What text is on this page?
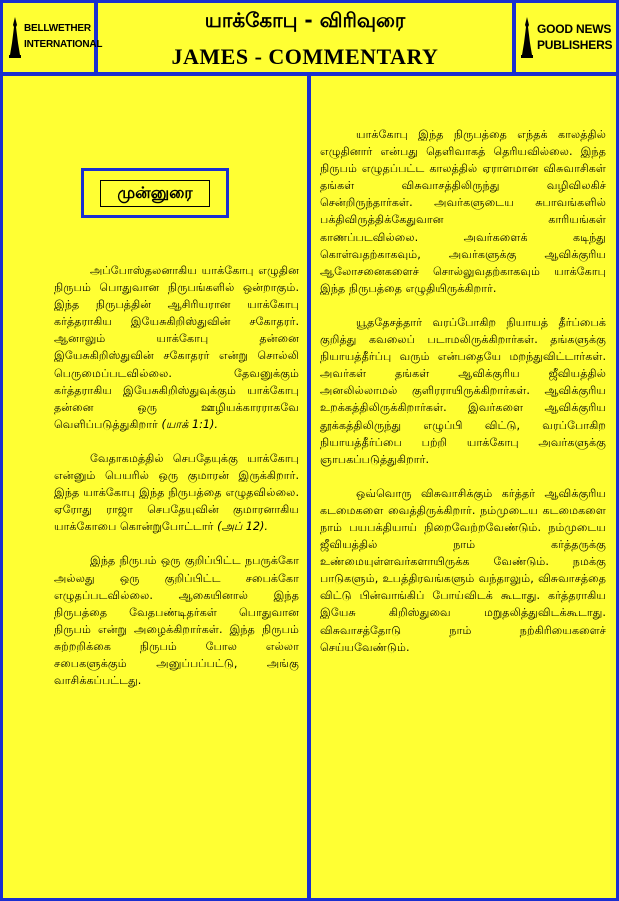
BELLWETHER
INTERNATIONAL
யாக்கோபு - விரிவுரை
JAMES - COMMENTARY
GOOD NEWS
PUBLISHERS
முன்னுரை

அப்போஸ்தலனாகிய யாக்கோபு எழுதின நிருபம் பொதுவான நிருபங்களில் ஒன்றாகும். இந்த நிருபத்தின் ஆசிரியரான யாக்கோபு கர்த்தராகிய இயேசுகிறிஸ்துவின் சகோதரர். ஆனாலும் யாக்கோபு தன்னை இயேசுகிறிஸ்துவின் சகோதரர் என்று சொல்லி பெருமைப்படவில்லை. தேவனுக்கும் கர்த்தராகிய இயேசுகிறிஸ்துவுக்கும் யாக்கோபு தன்னை ஒரு ஊழியக்காரராகவே வெளிப்படுத்துகிறார் (யாக் 1:1).

வேதாகமத்தில் செபதேயுக்கு யாக்கோபு என்னும் பெயரில் ஒரு குமாரன் இருக்கிறார். இந்த யாக்கோபு இந்த நிருபத்தை எழுதவில்லை. ஏரோது ராஜா செபதேயுவின் குமாரனாகிய யாக்கோபை கொன்றுபோட்டார் (அப் 12).

இந்த நிருபம் ஒரு குறிப்பிட்ட நபருக்கோ அல்லது ஒரு குறிப்பிட்ட சபைக்கோ எழுதப்படவில்லை. ஆகையினால் இந்த நிருபத்தை வேதபண்டிதர்கள் பொதுவான நிருபம் என்று அழைக்கிறார்கள். இந்த நிருபம் சுற்றறிக்கை நிருபம் போல எல்லா சபைகளுக்கும் அனுப்பப்பட்டு, அங்கு வாசிக்கப்பட்டது.

யாக்கோபு இந்த நிருபத்தை எந்தக் காலத்தில் எழுதினார் என்பது தெளிவாகத் தெரியவில்லை. இந்த நிருபம் எழுதப்பட்ட காலத்தில் ஏராளமான விசுவாசிகள் தங்கள் விசுவாசத்திலிருந்து வழிவிலகிச் சென்றிருந்தார்கள். அவர்களுடைய சுபாவங்களில் பக்திவிருத்திக்கேதுவான காரியங்கள் காணப்படவில்லை. அவர்களைக் கடிந்து கொள்வதற்காகவும், அவர்களுக்கு ஆவிக்குரிய ஆலோசனைகளைச் சொல்லுவதற்காகவும் யாக்கோபு இந்த நிருபத்தை எழுதியிருக்கிறார்.

யூததேசத்தார் வரப்போகிற நியாயத் தீர்ப்பைக் குறித்து கவலைப் படாமலிருக்கிறார்கள். தங்களுக்கு நியாயத்தீர்ப்பு வரும் என்பதையே மறந்துவிட்டார்கள். அவர்கள் தங்கள் ஆவிக்குரிய ஜீவியத்தில் அனலில்லாமல் குளிரராயிருக்கிறார்கள். ஆவிக்குரிய உறக்கத்திலிருக்கிறார்கள். இவர்களை ஆவிக்குரிய தூக்கத்திலிருந்து எழுப்பி விட்டு, வரப்போகிற நியாயத்தீர்ப்பை பற்றி யாக்கோபு அவர்களுக்கு ஞாபகப்படுத்துகிறார்.

ஒவ்வொரு விசுவாசிக்கும் கர்த்தர் ஆவிக்குரிய கடமைகளை வைத்திருக்கிறார். நம்முடைய கடமைகளை நாம் பயபக்தியாய் நிறைவேற்றவேண்டும். நம்முடைய ஜீவியத்தில் நாம் கர்த்தருக்கு உண்மையுள்ளவர்களாயிருக்க வேண்டும். நமக்கு பாடுகளும், உபத்திரவங்களும் வந்தாலும், விசுவாசத்தை விட்டு பின்வாங்கிப் போய்விடக் கூடாது. கர்த்தராகிய இயேசு கிறிஸ்துவை மறுதலித்துவிடக்கூடாது. விசுவாசத்தோடு நாம் நற்கிரியைகளைச் செய்யவேண்டும்.
